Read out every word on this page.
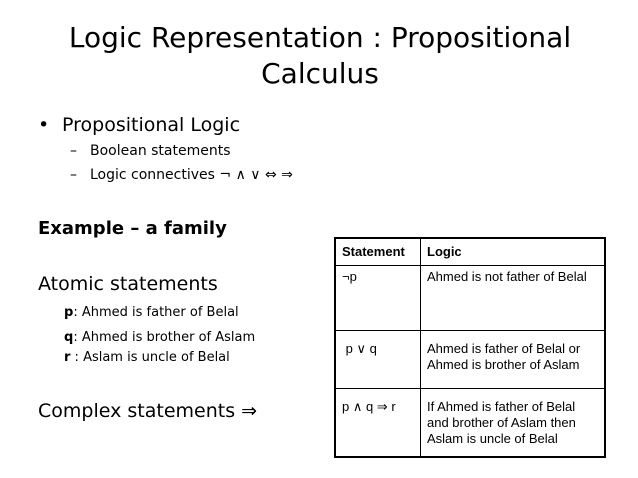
Logic Representation : Propositional
Calculus
• Propositional Logic
– Boolean statements
– Logic connectives ¬ ∧ ∨ ⇔ ⇒
Example – a family
Atomic statements
p: Ahmed is father of Belal
q: Ahmed is brother of Aslam
r : Aslam is uncle of Belal
Complex statements ⇒
Statement	Logic
¬p	Ahmed is not father of Belal
p ∨ q	Ahmed is father of Belal or Ahmed is brother of Aslam
p ∧ q ⇒ r	If Ahmed is father of Belal and brother of Aslam then Aslam is uncle of Belal
